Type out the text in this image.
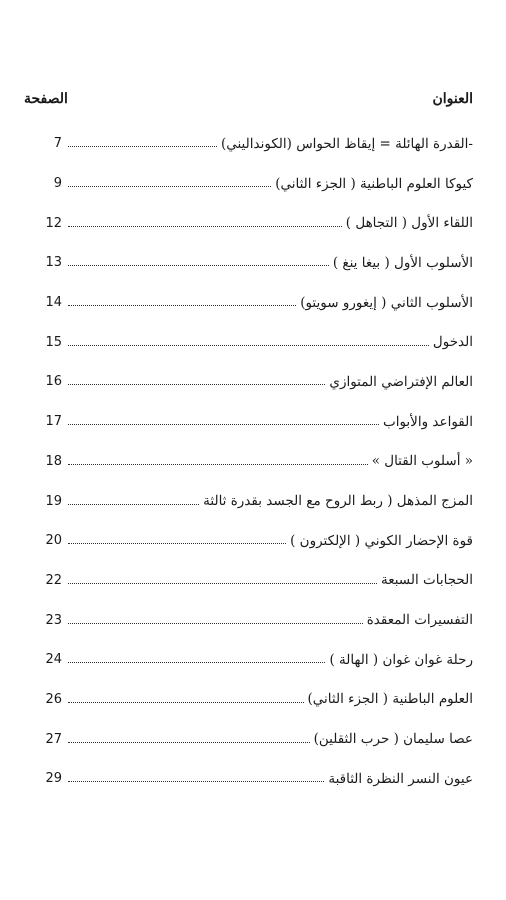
العنوان
الصفحة
-القدرة الهائلة = إيقاظ الحواس (الكونداليني)
7
كيوكا العلوم الباطنية ( الجزء الثاني)
9
اللقاء الأول ( التجاهل )
12
الأسلوب الأول ( بيغا ينغ )
13
الأسلوب الثاني ( إيغورو سويتو)
14
الدخول
15
العالم الإفتراضي المتوازي
16
القواعد والأبواب
17
« أسلوب القتال »
18
المزج المذهل ( ربط الروح مع الجسد بقدرة ثالثة
19
قوة الإحضار الكوني ( الإلكترون )
20
الحجابات السبعة
22
التفسيرات المعقدة
23
رحلة غوان غوان ( الهالة )
24
العلوم الباطنية ( الجزء الثاني)
26
عصا سليمان ( حرب الثقلين)
27
عيون النسر النظرة الثاقبة
29
